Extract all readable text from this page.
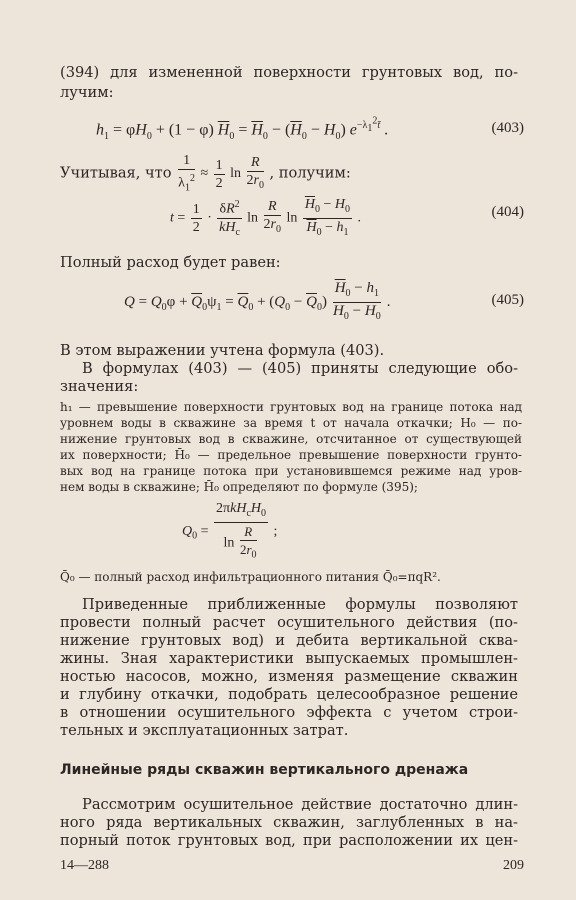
(394) для измененной поверхности грунтовых вод, по-
лучим:
$h_1 = \varphi H_0 + (1 - \varphi) \overline{H}_0 = \overline{H}_0 - (\overline{H}_0 - H_0)$ $e^{-\lambda_1^2t̄}$ .	(403)
Учитывая, что $\frac{1}{\lambda_1^2} \approx \frac{1}{2}$ $\ln \frac{R}{2r_0}$ , получим:
$t = \frac{1}{2} \cdot \frac{\delta R^2}{kH_c}$ $\ln \frac{R}{2r_0}$ $\ln \frac{\overline{H}_0 - H_0}{\overline{H}_0 - h_1}$ .	(404)
Полный расход будет равен:
$Q = Q_0\varphi + \overline{Q}_0\psi_1 = \overline{Q}_0 + (Q_0 - \overline{Q}_0) \frac{\overline{H}_0 - h_1}{\overline{H}_0 - H_0}$ .	(405)
В этом выражении учтена формула (403).
В формулах (403) — (405) приняты следующие обо-
значения:
h₁ — превышение поверхности грунтовых вод на границе потока над
уровнем воды в скважине за время t от начала откачки; H₀ — по-
нижение грунтовых вод в скважине, отсчитанное от существующей
их поверхности; H̄₀ — предельное превышение поверхности грунто-
вых вод на границе потока при установившемся режиме над уров-
нем воды в скважине; H̄₀ определяют по формуле (395);
$Q_0 = \frac{2\pi kH_cH_0}{\ln \frac{R}{2r_0}}$ ;
Q̄₀ — полный расход инфильтрационного питания Q̄₀=πqR².
Приведенные приближенные формулы позволяют
провести полный расчет осушительного действия (по-
нижение грунтовых вод) и дебита вертикальной сква-
жины. Зная характеристики выпускаемых промышлен-
ностью насосов, можно, изменяя размещение скважин
и глубину откачки, подобрать целесообразное решение
в отношении осушительного эффекта с учетом строи-
тельных и эксплуатационных затрат.
Линейные ряды скважин вертикального дренажа
Рассмотрим осушительное действие достаточно длин-
ного ряда вертикальных скважин, заглубленных в на-
порный поток грунтовых вод, при расположении их цен-
14—288	209
